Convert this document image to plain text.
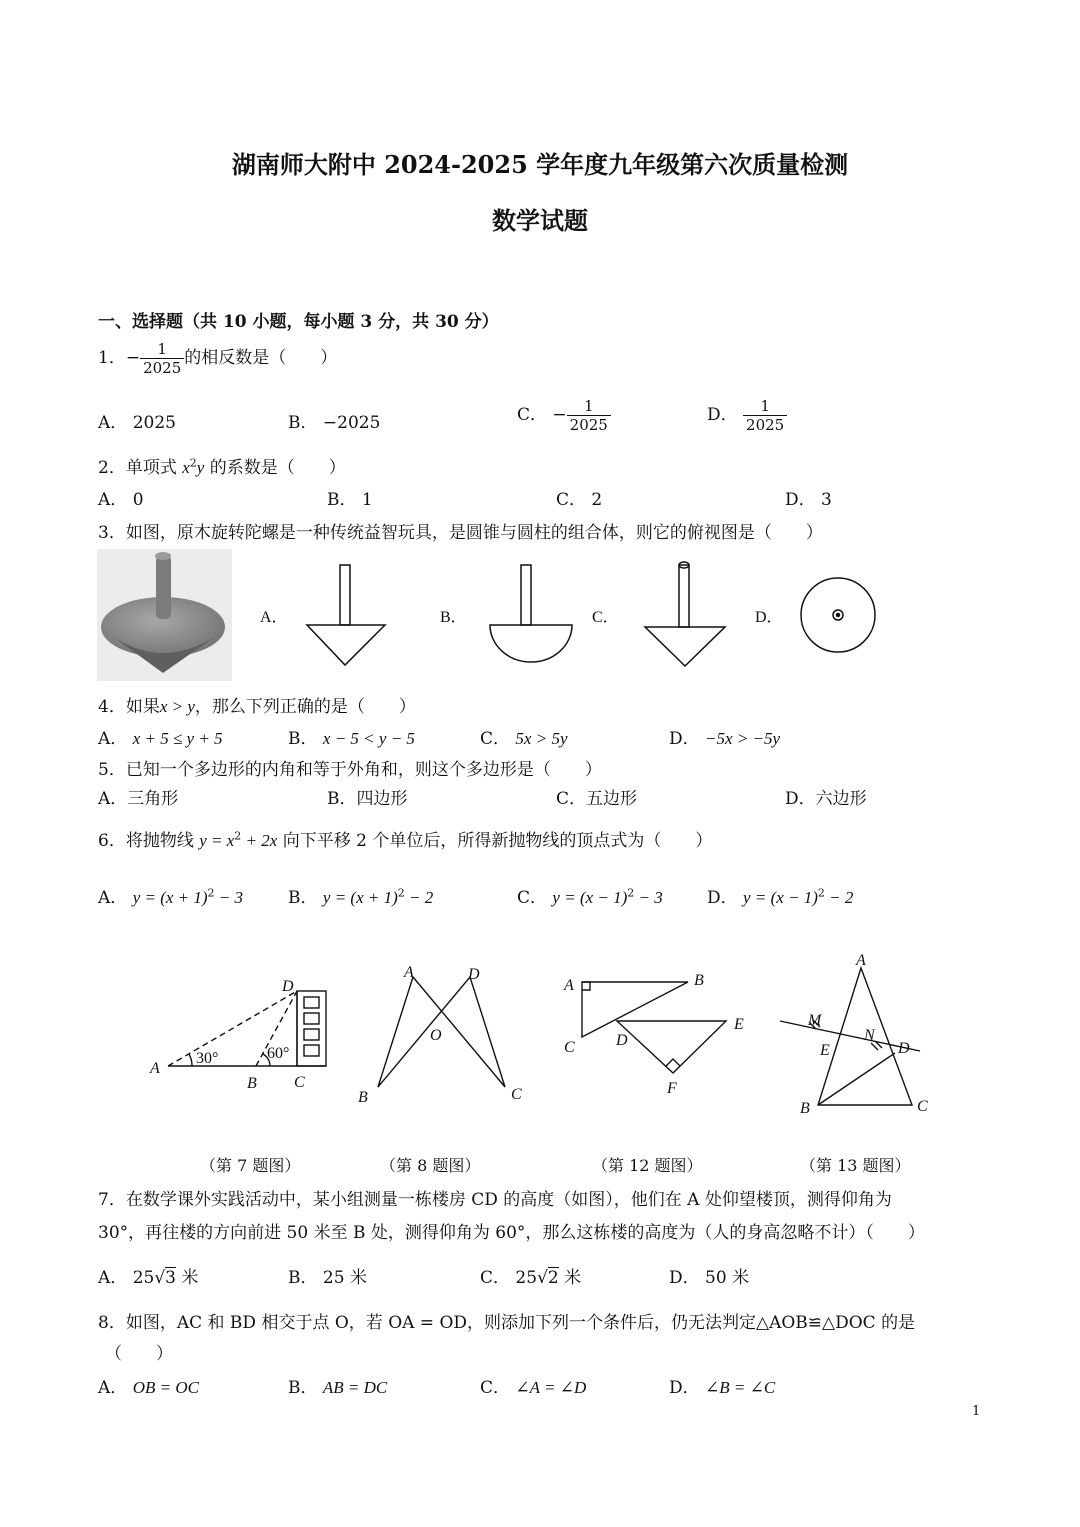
湖南师大附中 2024-2025 学年度九年级第六次质量检测
数学试题
一、选择题（共 10 小题，每小题 3 分，共 30 分）
1．− $\frac{1}{2025}$ 的相反数是（　　）
A． 2025	B． −2025	C． − $\frac{1}{2025}$	D． $\frac{1}{2025}$
2．单项式 $x^2y$ 的系数是（　　）
A． 0	B． 1	C． 2	D． 3
3．如图，原木旋转陀螺是一种传统益智玩具，是圆锥与圆柱的组合体，则它的俯视图是（　　）
A．	B．	C．	D．
4．如果x > y，那么下列正确的是（　　）
A． x + 5 ≤ y + 5	B． x − 5 < y − 5	C． 5x > 5y	D． −5x > −5y
5．已知一个多边形的内角和等于外角和，则这个多边形是（　　）
A．三角形	B．四边形	C．五边形	D．六边形
6．将抛物线 $y = x^2 + 2x$ 向下平移 2 个单位后，所得新抛物线的顶点式为（　　）
A． $y = (x + 1)^2 - 3$	B． $y = (x + 1)^2 - 2$	C． $y = (x - 1)^2 - 3$	D． $y = (x - 1)^2 - 2$
A
B C
D
30°	60°
A	D
O
B	C
A	B
C	D
E
F
A
M
N
E	D
B	C
（第 7 题图）	（第 8 题图）	（第 12 题图）	（第 13 题图）
7．在数学课外实践活动中，某小组测量一栋楼房 CD 的高度（如图），他们在 A 处仰望楼顶，测得仰角为
30°，再往楼的方向前进 50 米至 B 处，测得仰角为 60°，那么这栋楼的高度为（人的身高忽略不计）（　　）
A． 25√3 米	B． 25 米	C． 25√2 米	D． 50 米
8．如图，AC 和 BD 相交于点 O，若 OA = OD，则添加下列一个条件后，仍无法判定△AOB≌△DOC 的是
（　　）
A． OB = OC	B． AB = DC	C． ∠A = ∠D	D． ∠B = ∠C
1
